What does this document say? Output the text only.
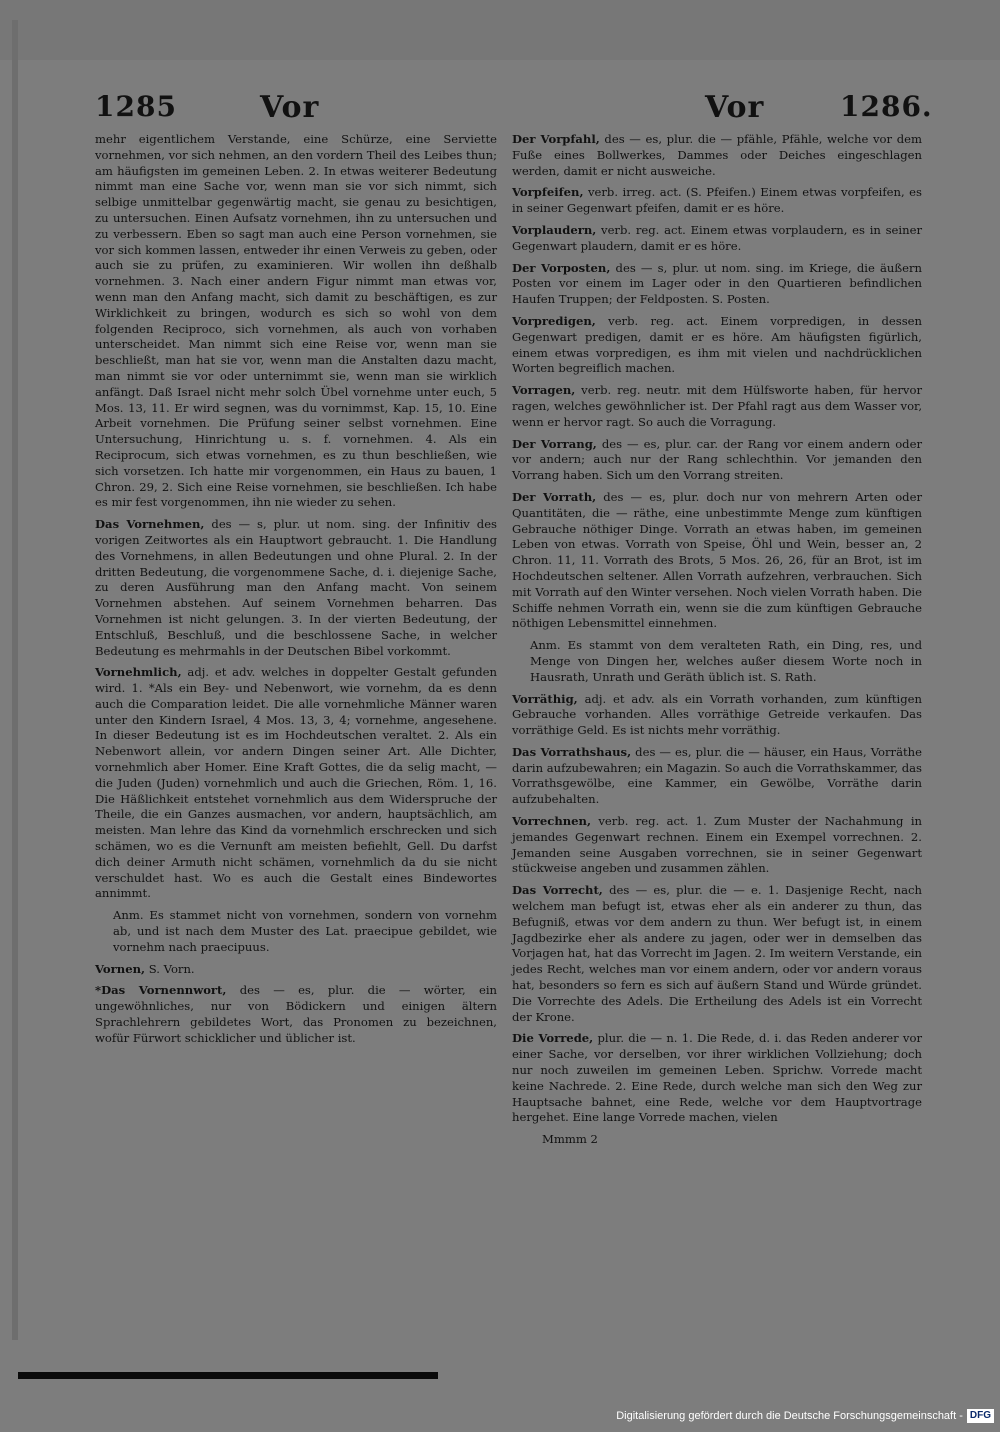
1285	Vor	Vor	1286.

mehr eigentlichem Verstande, eine Schürze, eine Serviette vornehmen, vor sich nehmen, an den vordern Theil des Leibes thun; am häufigsten im gemeinen Leben. 2. In etwas weiterer Bedeutung nimmt man eine Sache vor, wenn man sie vor sich nimmt, sich selbige unmittelbar gegenwärtig macht, sie genau zu besichtigen, zu untersuchen. Einen Aufsatz vornehmen, ihn zu untersuchen und zu verbessern. Eben so sagt man auch eine Person vornehmen, sie vor sich kommen lassen, entweder ihr einen Verweis zu geben, oder auch sie zu prüfen, zu examinieren. Wir wollen ihn deßhalb vornehmen. 3. Nach einer andern Figur nimmt man etwas vor, wenn man den Anfang macht, sich damit zu beschäftigen, es zur Wirklichkeit zu bringen, wodurch es sich so wohl von dem folgenden Reciproco, sich vornehmen, als auch von vorhaben unterscheidet. Man nimmt sich eine Reise vor, wenn man sie beschließt, man hat sie vor, wenn man die Anstalten dazu macht, man nimmt sie vor oder unternimmt sie, wenn man sie wirklich anfängt. Daß Israel nicht mehr solch Übel vornehme unter euch, 5 Mos. 13, 11. Er wird segnen, was du vornimmst, Kap. 15, 10. Eine Arbeit vornehmen. Die Prüfung seiner selbst vornehmen. Eine Untersuchung, Hinrichtung u. s. f. vornehmen. 4. Als ein Reciprocum, sich etwas vornehmen, es zu thun beschließen, wie sich vorsetzen. Ich hatte mir vorgenommen, ein Haus zu bauen, 1 Chron. 29, 2. Sich eine Reise vornehmen, sie beschließen. Ich habe es mir fest vorgenommen, ihn nie wieder zu sehen.

Das Vornehmen, des — s, plur. ut nom. sing. der Infinitiv des vorigen Zeitwortes als ein Hauptwort gebraucht. 1. Die Handlung des Vornehmens, in allen Bedeutungen und ohne Plural. 2. In der dritten Bedeutung, die vorgenommene Sache, d. i. diejenige Sache, zu deren Ausführung man den Anfang macht. Von seinem Vornehmen abstehen. Auf seinem Vornehmen beharren. Das Vornehmen ist nicht gelungen. 3. In der vierten Bedeutung, der Entschluß, Beschluß, und die beschlossene Sache, in welcher Bedeutung es mehrmahls in der Deutschen Bibel vorkommt.

Vornehmlich, adj. et adv. welches in doppelter Gestalt gefunden wird. 1. *Als ein Bey- und Nebenwort, wie vornehm, da es denn auch die Comparation leidet. Die alle vornehmliche Männer waren unter den Kindern Israel, 4 Mos. 13, 3, 4; vornehme, angesehene. In dieser Bedeutung ist es im Hochdeutschen veraltet. 2. Als ein Nebenwort allein, vor andern Dingen seiner Art. Alle Dichter, vornehmlich aber Homer. Eine Kraft Gottes, die da selig macht, — die Juden (Juden) vornehmlich und auch die Griechen, Röm. 1, 16. Die Häßlichkeit entstehet vornehmlich aus dem Widerspruche der Theile, die ein Ganzes ausmachen, vor andern, hauptsächlich, am meisten. Man lehre das Kind da vornehmlich erschrecken und sich schämen, wo es die Vernunft am meisten befiehlt, Gell. Du darfst dich deiner Armuth nicht schämen, vornehmlich da du sie nicht verschuldet hast. Wo es auch die Gestalt eines Bindewortes annimmt.

Anm. Es stammet nicht von vornehmen, sondern von vornehm ab, und ist nach dem Muster des Lat. praecipue gebildet, wie vornehm nach praecipuus.

Vornen, S. Vorn.

*Das Vornennwort, des — es, plur. die — wörter, ein ungewöhnliches, nur von Bödickern und einigen ältern Sprachlehrern gebildetes Wort, das Pronomen zu bezeichnen, wofür Fürwort schicklicher und üblicher ist.

Der Vorpfahl, des — es, plur. die — pfähle, Pfähle, welche vor dem Fuße eines Bollwerkes, Dammes oder Deiches eingeschlagen werden, damit er nicht ausweiche.

Vorpfeifen, verb. irreg. act. (S. Pfeifen.) Einem etwas vorpfeifen, es in seiner Gegenwart pfeifen, damit er es höre.

Vorplaudern, verb. reg. act. Einem etwas vorplaudern, es in seiner Gegenwart plaudern, damit er es höre.

Der Vorposten, des — s, plur. ut nom. sing. im Kriege, die äußern Posten vor einem im Lager oder in den Quartieren befindlichen Haufen Truppen; der Feldposten. S. Posten.

Vorpredigen, verb. reg. act. Einem vorpredigen, in dessen Gegenwart predigen, damit er es höre. Am häufigsten figürlich, einem etwas vorpredigen, es ihm mit vielen und nachdrücklichen Worten begreiflich machen.

Vorragen, verb. reg. neutr. mit dem Hülfsworte haben, für hervor ragen, welches gewöhnlicher ist. Der Pfahl ragt aus dem Wasser vor, wenn er hervor ragt. So auch die Vorragung.

Der Vorrang, des — es, plur. car. der Rang vor einem andern oder vor andern; auch nur der Rang schlechthin. Vor jemanden den Vorrang haben. Sich um den Vorrang streiten.

Der Vorrath, des — es, plur. doch nur von mehrern Arten oder Quantitäten, die — räthe, eine unbestimmte Menge zum künftigen Gebrauche nöthiger Dinge. Vorrath an etwas haben, im gemeinen Leben von etwas. Vorrath von Speise, Öhl und Wein, besser an, 2 Chron. 11, 11. Vorrath des Brots, 5 Mos. 26, 26, für an Brot, ist im Hochdeutschen seltener. Allen Vorrath aufzehren, verbrauchen. Sich mit Vorrath auf den Winter versehen. Noch vielen Vorrath haben. Die Schiffe nehmen Vorrath ein, wenn sie die zum künftigen Gebrauche nöthigen Lebensmittel einnehmen.

Anm. Es stammt von dem veralteten Rath, ein Ding, res, und Menge von Dingen her, welches außer diesem Worte noch in Hausrath, Unrath und Geräth üblich ist. S. Rath.

Vorräthig, adj. et adv. als ein Vorrath vorhanden, zum künftigen Gebrauche vorhanden. Alles vorräthige Getreide verkaufen. Das vorräthige Geld. Es ist nichts mehr vorräthig.

Das Vorrathshaus, des — es, plur. die — häuser, ein Haus, Vorräthe darin aufzubewahren; ein Magazin. So auch die Vorrathskammer, das Vorrathsgewölbe, eine Kammer, ein Gewölbe, Vorräthe darin aufzubehalten.

Vorrechnen, verb. reg. act. 1. Zum Muster der Nachahmung in jemandes Gegenwart rechnen. Einem ein Exempel vorrechnen. 2. Jemanden seine Ausgaben vorrechnen, sie in seiner Gegenwart stückweise angeben und zusammen zählen.

Das Vorrecht, des — es, plur. die — e. 1. Dasjenige Recht, nach welchem man befugt ist, etwas eher als ein anderer zu thun, das Befugniß, etwas vor dem andern zu thun. Wer befugt ist, in einem Jagdbezirke eher als andere zu jagen, oder wer in demselben das Vorjagen hat, hat das Vorrecht im Jagen. 2. Im weitern Verstande, ein jedes Recht, welches man vor einem andern, oder vor andern voraus hat, besonders so fern es sich auf äußern Stand und Würde gründet. Die Vorrechte des Adels. Die Ertheilung des Adels ist ein Vorrecht der Krone.

Die Vorrede, plur. die — n. 1. Die Rede, d. i. das Reden anderer vor einer Sache, vor derselben, vor ihrer wirklichen Vollziehung; doch nur noch zuweilen im gemeinen Leben. Sprichw. Vorrede macht keine Nachrede. 2. Eine Rede, durch welche man sich den Weg zur Hauptsache bahnet, eine Rede, welche vor dem Hauptvortrage hergehet. Eine lange Vorrede machen, vielen

Mmmm 2
Digitalisierung gefördert durch die Deutsche Forschungsgemeinschaft - DFG
